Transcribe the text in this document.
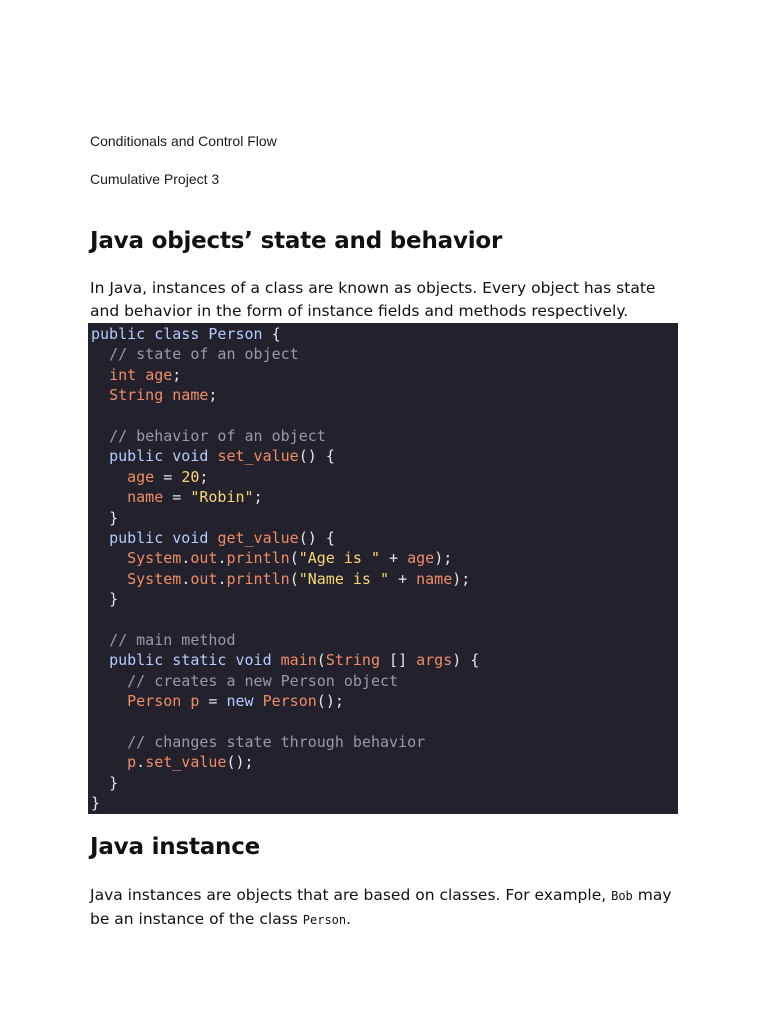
Conditionals and Control Flow
Cumulative Project 3
Java objects’ state and behavior

In Java, instances of a class are known as objects. Every object has state and behavior in the form of instance fields and methods respectively.

public class Person {
// state of an object
int age;
String name;
// behavior of an object
public void set_value() {
age = 20;
name = "Robin";
}
public void get_value() {
System.out.println("Age is " + age);
System.out.println("Name is " + name);
}
// main method
public static void main(String [] args) {
// creates a new Person object
Person p = new Person();
// changes state through behavior
p.set_value();
}
}
Java instance

Java instances are objects that are based on classes. For example, Bob may be an instance of the class Person.
